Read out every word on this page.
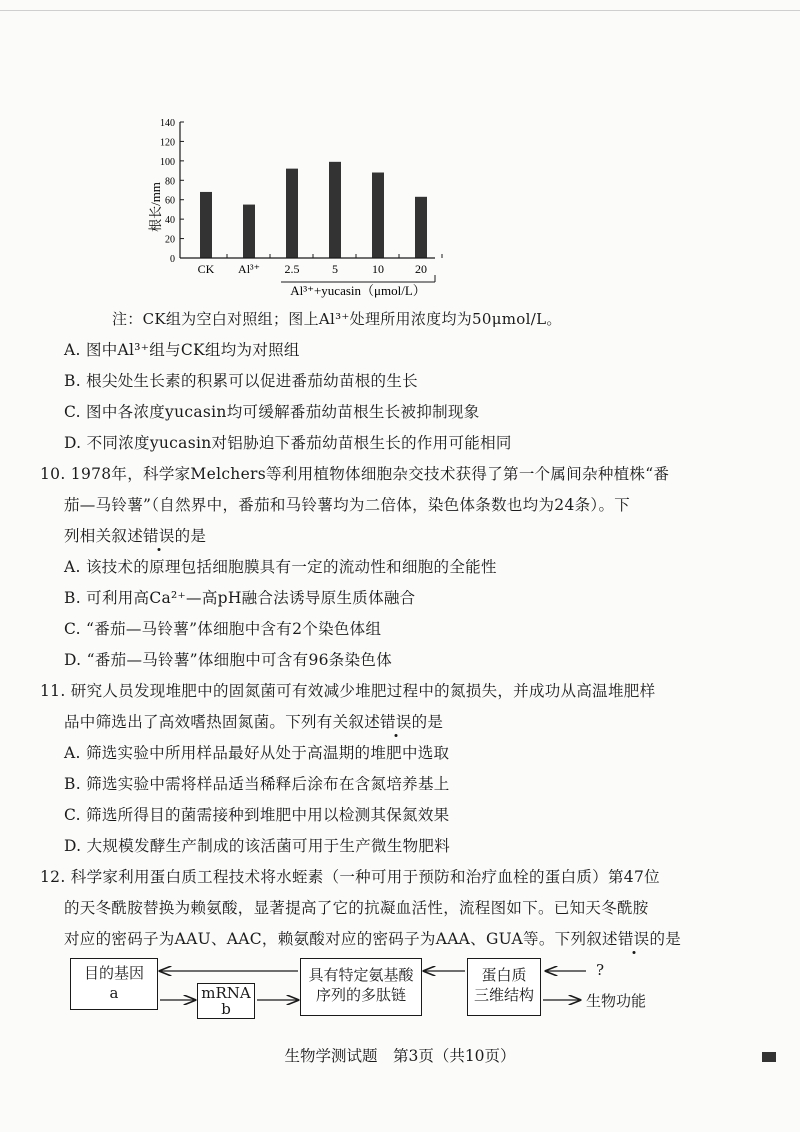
0
20
40
60
80
100
120
140
CK Al³⁺ 2.5	5	10	20
根长/mm
Al³⁺+yucasin（μmol/L）
注：CK组为空白对照组；图上Al³⁺处理所用浓度均为50μmol/L。
A. 图中Al³⁺组与CK组均为对照组
B. 根尖处生长素的积累可以促进番茄幼苗根的生长
C. 图中各浓度yucasin均可缓解番茄幼苗根生长被抑制现象
D. 不同浓度yucasin对铝胁迫下番茄幼苗根生长的作用可能相同
10. 1978年，科学家Melchers等利用植物体细胞杂交技术获得了第一个属间杂种植株“番
茄—马铃薯”（自然界中，番茄和马铃薯均为二倍体，染色体条数也均为24条）。下
列相关叙述错误的是
A. 该技术的原理包括细胞膜具有一定的流动性和细胞的全能性
B. 可利用高Ca²⁺—高pH融合法诱导原生质体融合
C. “番茄—马铃薯”体细胞中含有2个染色体组
D. “番茄—马铃薯”体细胞中可含有96条染色体
11. 研究人员发现堆肥中的固氮菌可有效减少堆肥过程中的氮损失，并成功从高温堆肥样
品中筛选出了高效嗜热固氮菌。下列有关叙述错误的是
A. 筛选实验中所用样品最好从处于高温期的堆肥中选取
B. 筛选实验中需将样品适当稀释后涂布在含氮培养基上
C. 筛选所得目的菌需接种到堆肥中用以检测其保氮效果
D. 大规模发酵生产制成的该活菌可用于生产微生物肥料
12. 科学家利用蛋白质工程技术将水蛭素（一种可用于预防和治疗血栓的蛋白质）第47位
的天冬酰胺替换为赖氨酸，显著提高了它的抗凝血活性，流程图如下。已知天冬酰胺
对应的密码子为AAU、AAC，赖氨酸对应的密码子为AAA、GUA等。下列叙述错误的是
目的基因
a	mRNA
b
具有特定氨基酸
序列的多肽链
蛋白质
三维结构
?
生物功能
生物学测试题　第3页（共10页）
